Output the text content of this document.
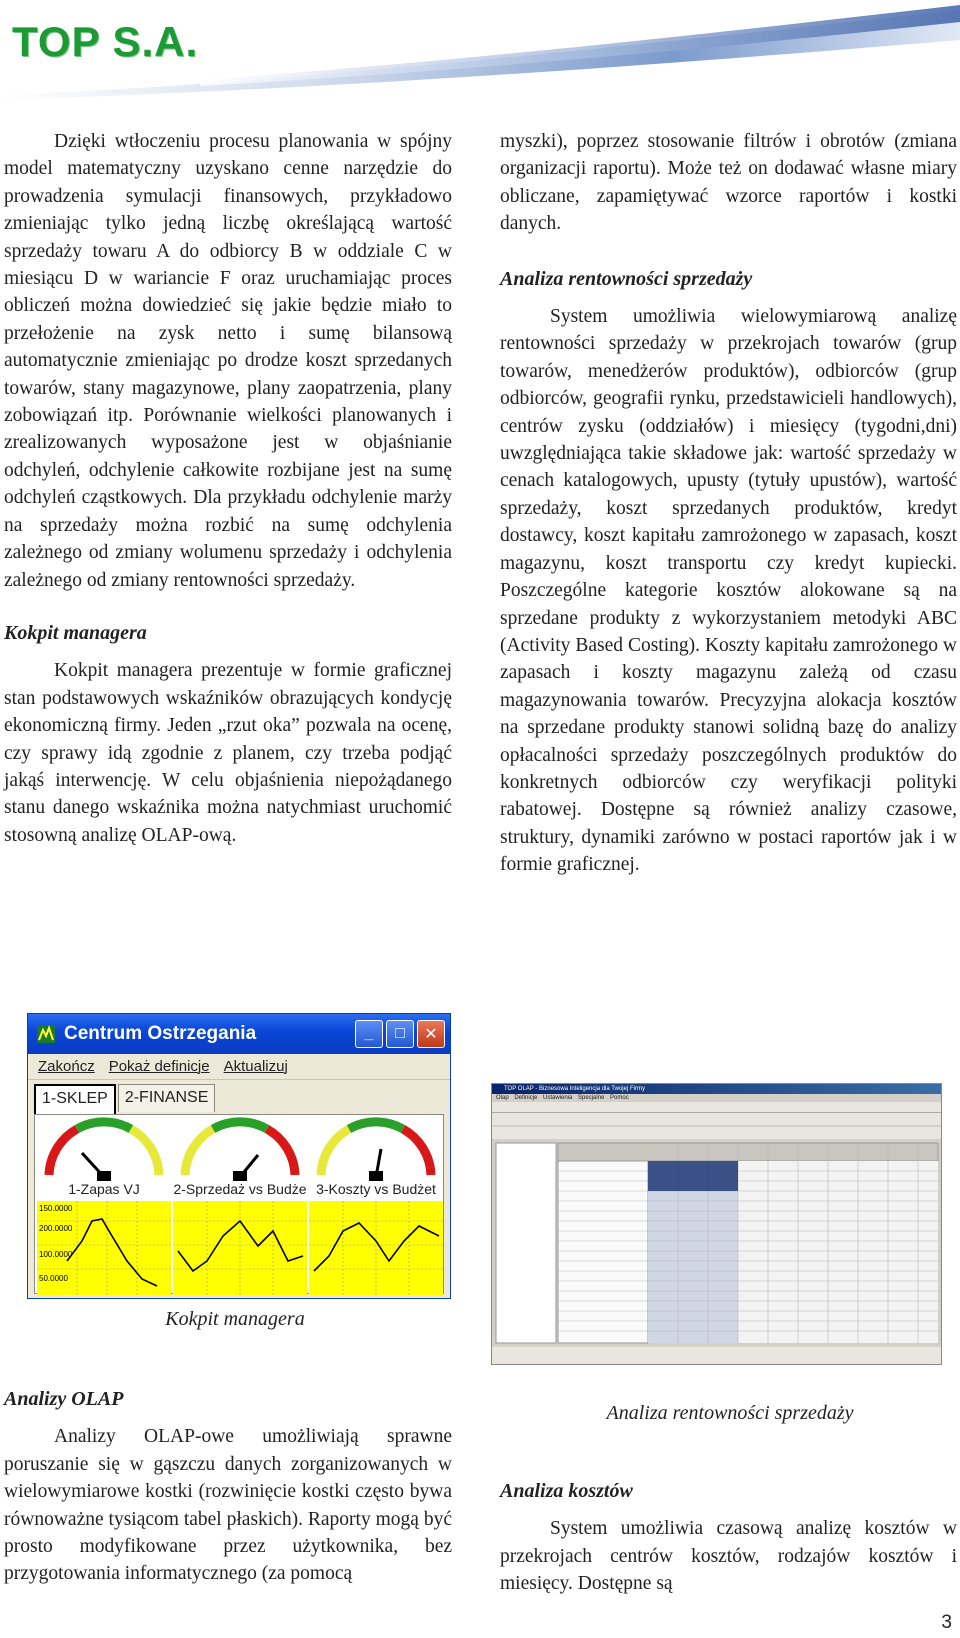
TOP S.A.

Dzięki wtłoczeniu procesu planowania w spójny model matematyczny uzyskano cenne narzędzie do prowadzenia symulacji finansowych, przykładowo zmieniając tylko jedną liczbę określającą wartość sprzedaży towaru A do odbiorcy B w oddziale C w miesiącu D w wariancie F oraz uruchamiając proces obliczeń można dowiedzieć się jakie będzie miało to przełożenie na zysk netto i sumę bilansową automatycznie zmieniając po drodze koszt sprzedanych towarów, stany magazynowe, plany zaopatrzenia, plany zobowiązań itp. Porównanie wielkości planowanych i zrealizowanych wyposażone jest w objaśnianie odchyleń, odchylenie całkowite rozbijane jest na sumę odchyleń cząstkowych. Dla przykładu odchylenie marży na sprzedaży można rozbić na sumę odchylenia zależnego od zmiany wolumenu sprzedaży i odchylenia zależnego od zmiany rentowności sprzedaży.

Kokpit managera

Kokpit managera prezentuje w formie graficznej stan podstawowych wskaźników obrazujących kondycję ekonomiczną firmy. Jeden „rzut oka” pozwala na ocenę, czy sprawy idą zgodnie z planem, czy trzeba podjąć jakąś interwencję. W celu objaśnienia niepożądanego stanu danego wskaźnika można natychmiast uruchomić stosowną analizę OLAP-ową.

Centrum Ostrzegania	_ □ ✕
Zakończ Pokaż definicje Aktualizuj
1-SKLEP	2-FINANSE
1-Zapas VJ
150.0000
200.0000
100.0000
50.0000
2-Sprzedaż vs Budże 3-Koszty vs Budżet
Kokpit managera

Analizy OLAP

Analizy OLAP-owe umożliwiają sprawne poruszanie się w gąszczu danych zorganizowanych w wielowymiarowe kostki (rozwinięcie kostki często bywa równoważne tysiącom tabel płaskich). Raporty mogą być prosto modyfikowane przez użytkownika, bez przygotowania informatycznego (za pomocą

myszki), poprzez stosowanie filtrów i obrotów (zmiana organizacji raportu). Może też on dodawać własne miary obliczane, zapamiętywać wzorce raportów i kostki danych.

Analiza rentowności sprzedaży

System umożliwia wielowymiarową analizę rentowności sprzedaży w przekrojach towarów (grup towarów, menedżerów produktów), odbiorców (grup odbiorców, geografii rynku, przedstawicieli handlowych), centrów zysku (oddziałów) i miesięcy (tygodni,dni) uwzględniająca takie składowe jak: wartość sprzedaży w cenach katalogowych, upusty (tytuły upustów), wartość sprzedaży, koszt sprzedanych produktów, kredyt dostawcy, koszt kapitału zamrożonego w zapasach, koszt magazynu, koszt transportu czy kredyt kupiecki. Poszczególne kategorie kosztów alokowane są na sprzedane produkty z wykorzystaniem metodyki ABC (Activity Based Costing). Koszty kapitału zamrożonego w zapasach i koszty magazynu zależą od czasu magazynowania towarów. Precyzyjna alokacja kosztów na sprzedane produkty stanowi solidną bazę do analizy opłacalności sprzedaży poszczególnych produktów do konkretnych odbiorców czy weryfikacji polityki rabatowej. Dostępne są również analizy czasowe, struktury, dynamiki zarówno w postaci raportów jak i w formie graficznej.

TOP OLAP - Biznesowa Inteligencja dla Twojej Firmy
Olap Definicje Ustawienia Specjalne Pomoc
Analiza rentowności sprzedaży

Analiza kosztów

System umożliwia czasową analizę kosztów w przekrojach centrów kosztów, rodzajów kosztów i miesięcy. Dostępne są

3
